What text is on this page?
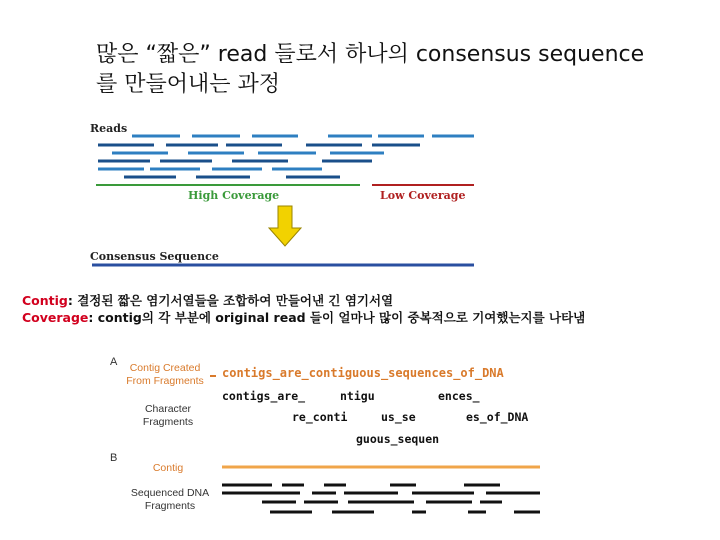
많은 “짧은” read 들로서 하나의 consensus sequence
를 만들어내는 과정
Reads
High Coverage	Low Coverage
Consensus Sequence
Contig: 결정된 짧은 염기서열들을 조합하여 만들어낸 긴 염기서열
Coverage: contig의 각 부분에 original read 들이 얼마나 많이 중복적으로 기여했는지를 나타냄
A	Contig Created
From Fragments
Character
Fragments
contigs_are_contiguous_sequences_of_DNA
contigs_are_	ntigu	ences_
re_conti	us_se	es_of_DNA
guous_sequen
B
Contig
Sequenced DNA
Fragments
